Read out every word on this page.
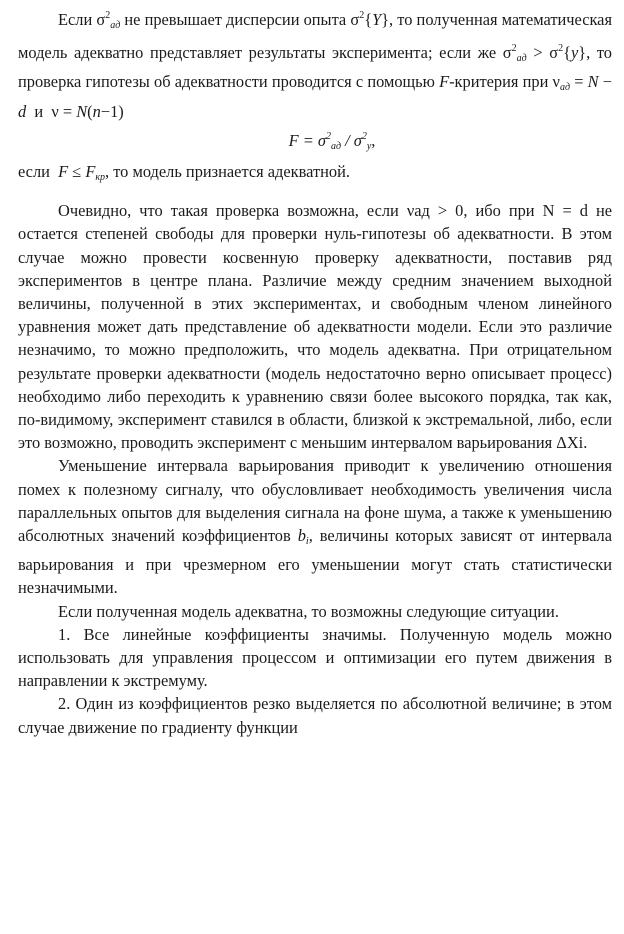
Если $\sigma^2_{ад}$ не превышает дисперсии опыта $\sigma^2\{Y\}$, то полученная математическая модель адекватно представляет результаты эксперимента; если же $\sigma^2_{ад} > \sigma^2\{y\}$, то проверка гипотезы об адекватности проводится с помощью F-критерия при $\nu_{ад} = N - d$  и  ν = N(n−1)

$F = \sigma^2_{ад} / \sigma^2_y$,

если  $F \le F_{кр}$, то модель признается адекватной.

Очевидно, что такая проверка возможна, если νад > 0, ибо при N = d не остается степеней свободы для проверки нуль-гипотезы об адекватности. В этом случае можно провести косвенную проверку адекватности, поставив ряд экспериментов в центре плана. Различие между средним значением выходной величины, полученной в этих экспериментах, и свободным членом линейного уравнения может дать представление об адекватности модели. Если это различие незначимо, то можно предположить, что модель адекватна. При отрицательном результате проверки адекватности (модель недостаточно верно описывает процесс) необходимо либо переходить к уравнению связи более высокого порядка, так как, по-видимому, эксперимент ставился в области, близкой к экстремальной, либо, если это возможно, проводить эксперимент с меньшим интервалом варьирования ΔXi.

Уменьшение интервала варьирования приводит к увеличению отношения помех к полезному сигналу, что обусловливает необходимость увеличения числа параллельных опытов для выделения сигнала на фоне шума, а также к уменьшению абсолютных значений коэффициентов $b_i$, величины которых зависят от интервала варьирования и при чрезмерном его уменьшении могут стать статистически незначимыми.

Если полученная модель адекватна, то возможны следующие ситуации.

1. Все линейные коэффициенты значимы. Полученную модель можно использовать для управления процессом и оптимизации его путем движения в направлении к экстремуму.

2. Один из коэффициентов резко выделяется по абсолютной величине; в этом случае движение по градиенту функции
